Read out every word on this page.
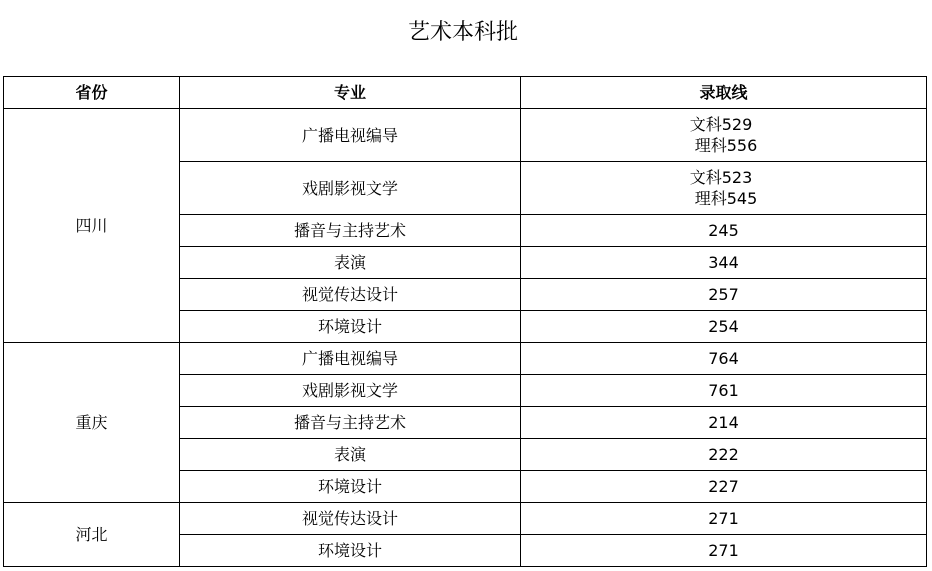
艺术本科批
省份	专业	录取线
四川	广播电视编导	文科529
理科556

	戏剧影视文学	文科523
理科545

	播音与主持艺术	245
	表演	344
	视觉传达设计	257
	环境设计	254
重庆	广播电视编导	764
	戏剧影视文学	761
	播音与主持艺术	214
	表演	222
	环境设计	227
河北	视觉传达设计	271
	环境设计	271
